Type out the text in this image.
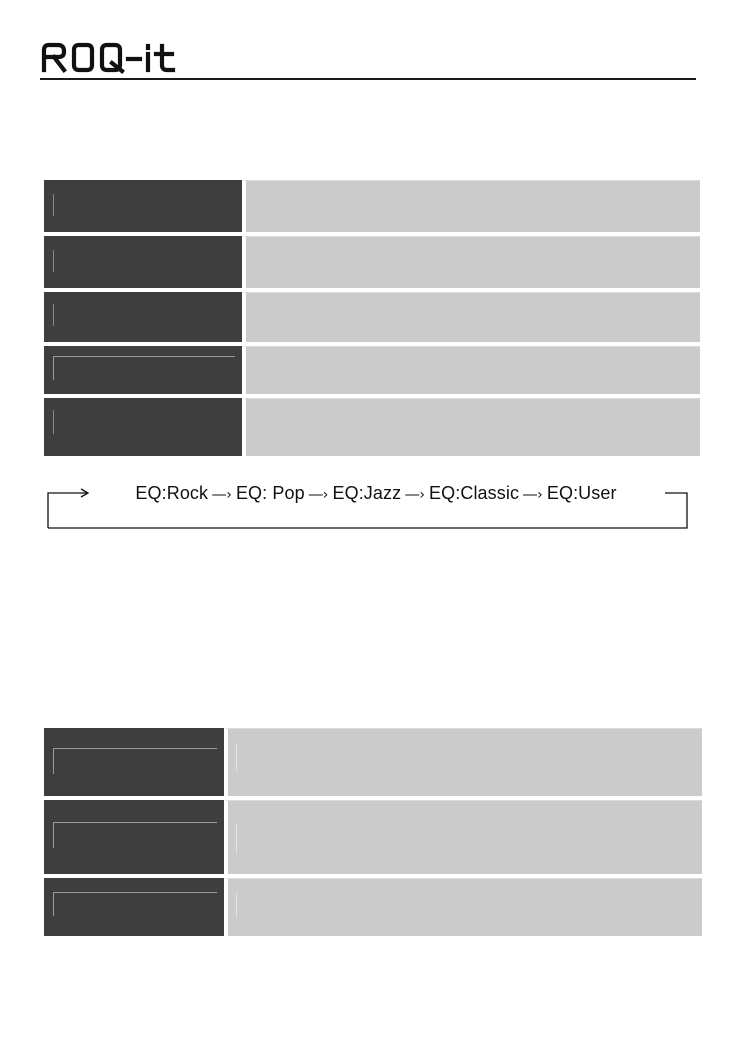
EQ:Rock ―› EQ: Pop ―› EQ:Jazz ―› EQ:Classic ―› EQ:User
